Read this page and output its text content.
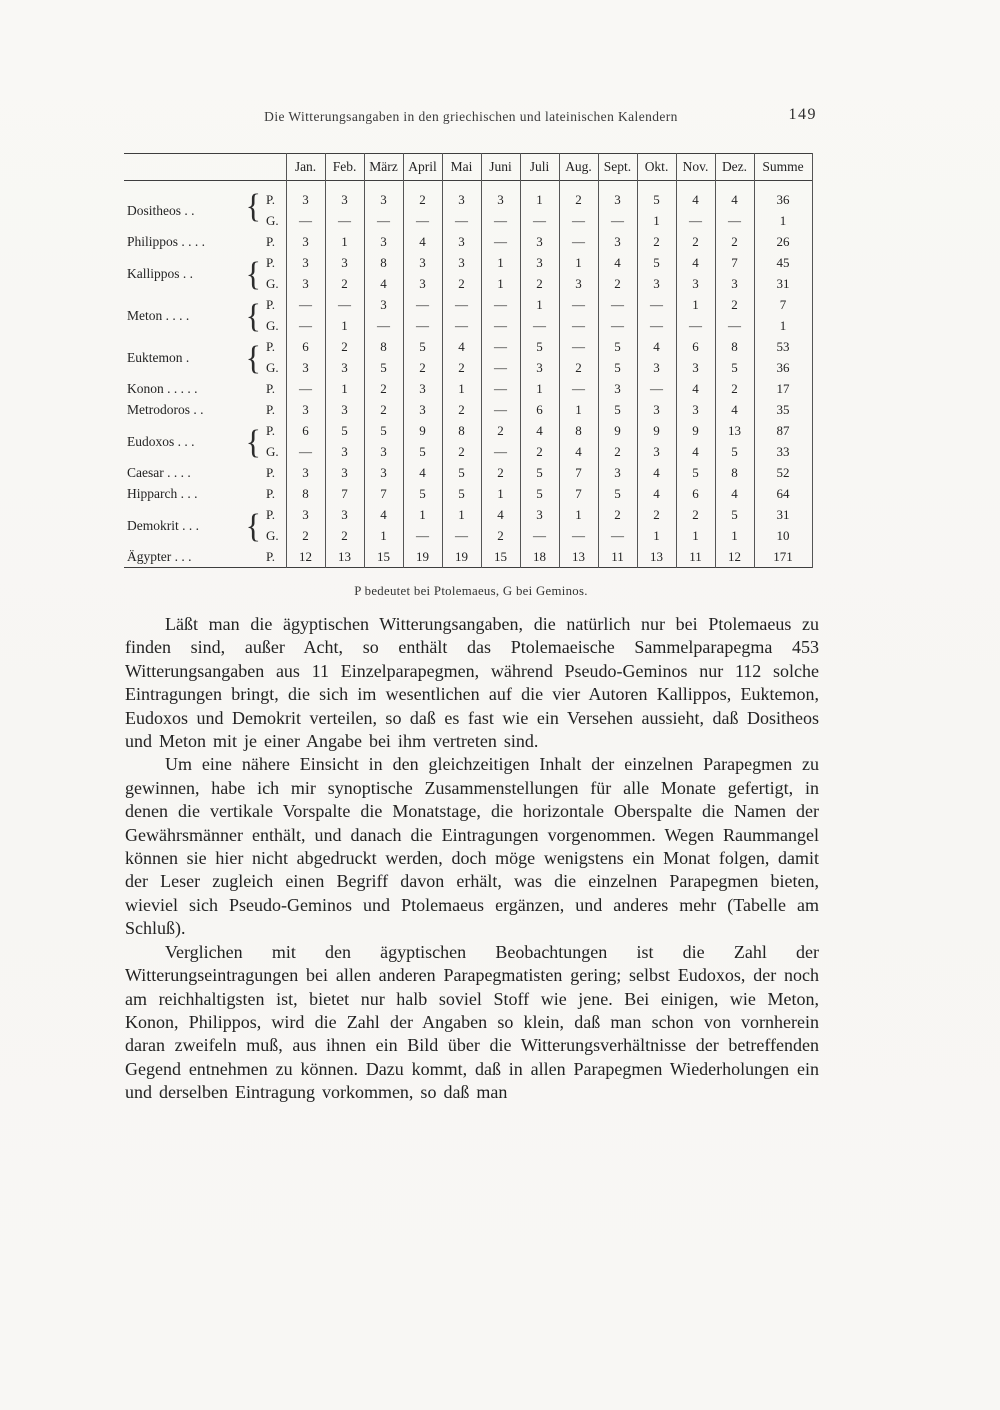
Die Witterungsangaben in den griechischen und lateinischen Kalendern	149
		Jan.	Feb.	März	April	Mai	Juni	Juli	Aug.	Sept.	Okt.	Nov.	Dez.	Summe
Dositheos . . {	P.	3	3	3	2	3	3	1	2	3	5	4	4	36
	G.	—	—	—	—	—	—	—	—	—	1	—	—	1
Philippos . . . .	P.	3	1	3	4	3	—	3	—	3	2	2	2	26
Kallippos . . {	P.	3	3	8	3	3	1	3	1	4	5	4	7	45
	G.	3	2	4	3	2	1	2	3	2	3	3	3	31
Meton . . . . {	P.	—	—	3	—	—	—	1	—	—	—	1	2	7
	G.	—	1	—	—	—	—	—	—	—	—	—	—	1
Euktemon . {	P.	6	2	8	5	4	—	5	—	5	4	6	8	53
	G.	3	3	5	2	2	—	3	2	5	3	3	5	36
Konon . . . . .	P.	—	1	2	3	1	—	1	—	3	—	4	2	17
Metrodoros . .	P.	3	3	2	3	2	—	6	1	5	3	3	4	35
Eudoxos . . . {	P.	6	5	5	9	8	2	4	8	9	9	9	13	87
	G.	—	3	3	5	2	—	2	4	2	3	4	5	33
Caesar . . . .	P.	3	3	3	4	5	2	5	7	3	4	5	8	52
Hipparch . . .	P.	8	7	7	5	5	1	5	7	5	4	6	4	64
Demokrit . . . {	P.	3	3	4	1	1	4	3	1	2	2	2	5	31
	G.	2	2	1	—	—	2	—	—	—	1	1	1	10
Ägypter . . .	P.	12	13	15	19	19	15	18	13	11	13	11	12	171
P bedeutet bei Ptolemaeus, G bei Geminos.

Läßt man die ägyptischen Witterungsangaben, die natürlich nur bei Ptolemaeus zu finden sind, außer Acht, so enthält das Ptolemaeische Sammelparapegma 453 Witterungsangaben aus 11 Einzelparapegmen, während Pseudo-Geminos nur 112 solche Eintragungen bringt, die sich im wesentlichen auf die vier Autoren Kallippos, Euktemon, Eudoxos und Demokrit verteilen, so daß es fast wie ein Versehen aussieht, daß Dositheos und Meton mit je einer Angabe bei ihm vertreten sind.

Um eine nähere Einsicht in den gleichzeitigen Inhalt der einzelnen Parapegmen zu gewinnen, habe ich mir synoptische Zusammenstellungen für alle Monate gefertigt, in denen die vertikale Vorspalte die Monatstage, die horizontale Oberspalte die Namen der Gewährsmänner enthält, und danach die Eintragungen vorgenommen. Wegen Raummangel können sie hier nicht abgedruckt werden, doch möge wenigstens ein Monat folgen, damit der Leser zugleich einen Begriff davon erhält, was die einzelnen Parapegmen bieten, wieviel sich Pseudo-Geminos und Ptolemaeus ergänzen, und anderes mehr (Tabelle am Schluß).

Verglichen mit den ägyptischen Beobachtungen ist die Zahl der Witterungseintragungen bei allen anderen Parapegmatisten gering; selbst Eudoxos, der noch am reichhaltigsten ist, bietet nur halb soviel Stoff wie jene. Bei einigen, wie Meton, Konon, Philippos, wird die Zahl der Angaben so klein, daß man schon von vornherein daran zweifeln muß, aus ihnen ein Bild über die Witterungsverhältnisse der betreffenden Gegend entnehmen zu können. Dazu kommt, daß in allen Parapegmen Wiederholungen ein und derselben Eintragung vorkommen, so daß man
